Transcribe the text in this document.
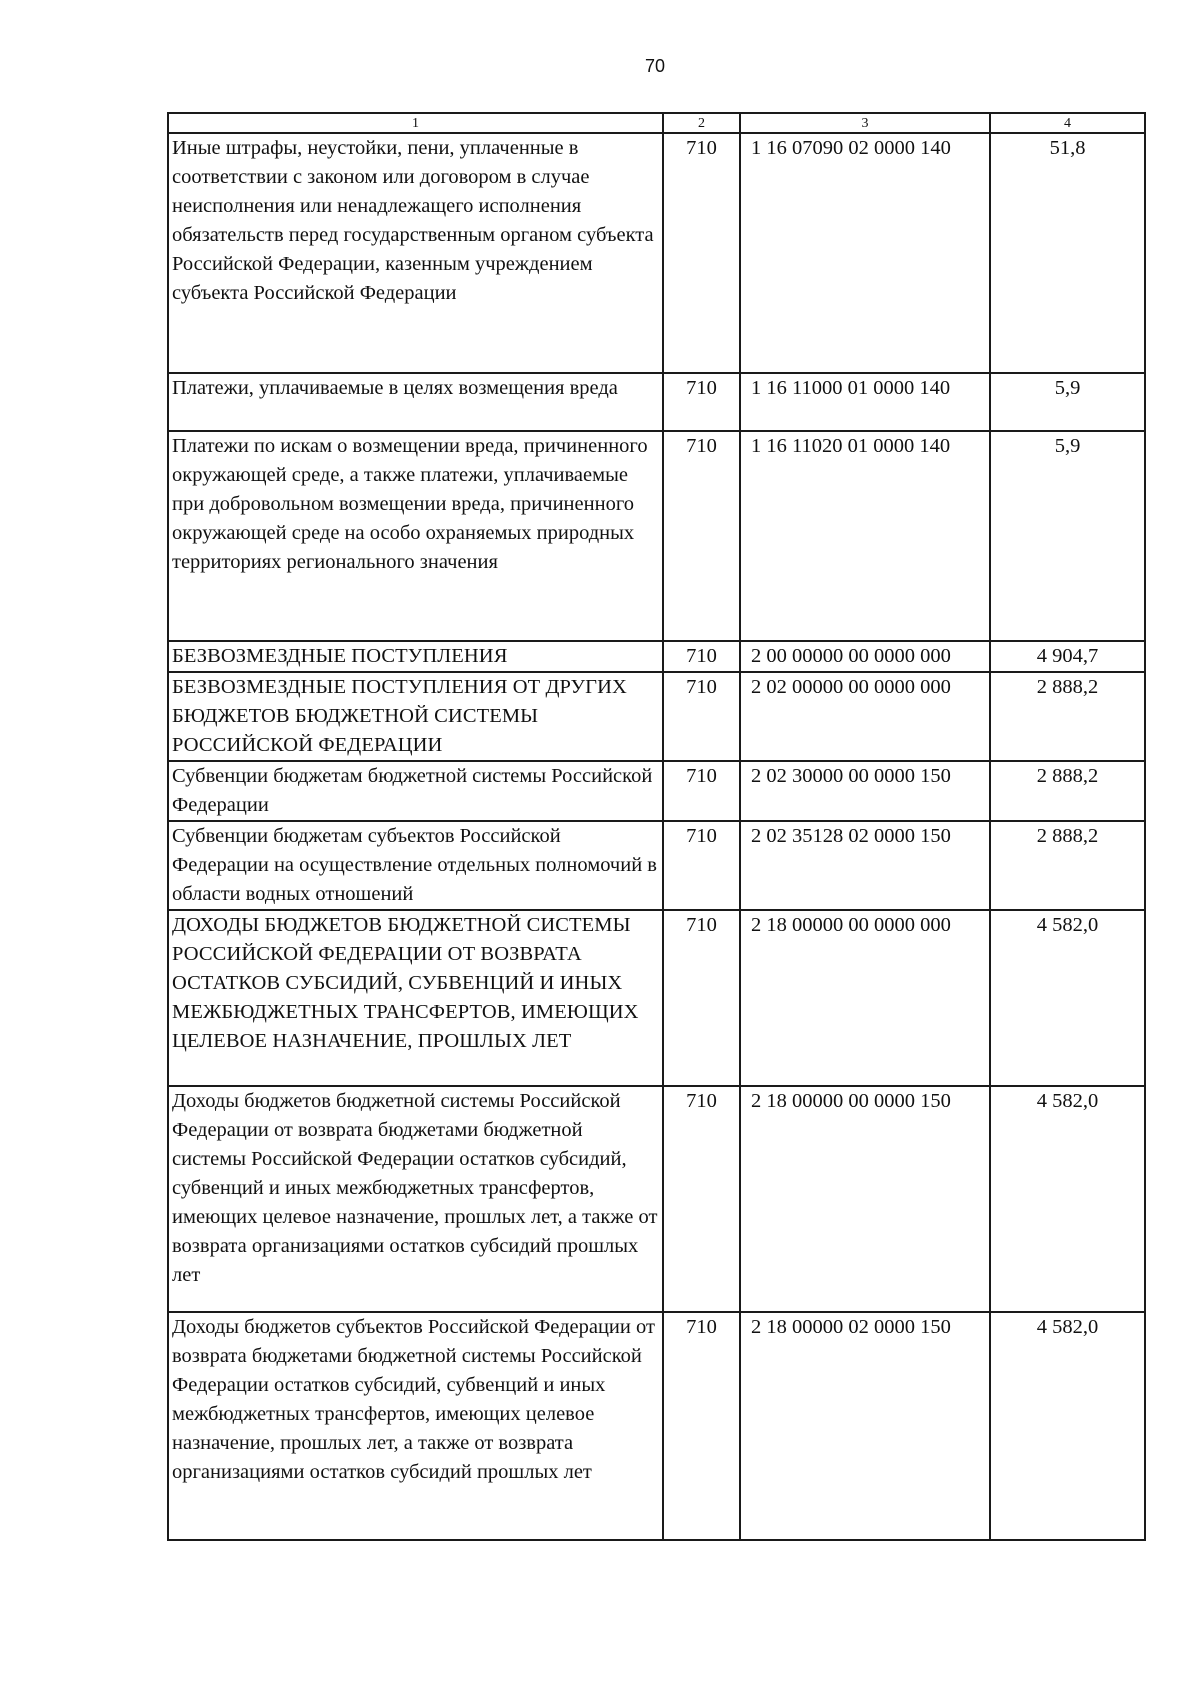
70
1	2	3	4
Иные штрафы, неустойки, пени, уплаченные в соответствии с законом или договором в случае неисполнения или ненадлежащего исполнения обязательств перед государственным органом субъекта Российской Федерации, казенным учреждением субъекта Российской Федерации	710	1 16 07090 02 0000 140	51,8
Платежи, уплачиваемые в целях возмещения вреда	710	1 16 11000 01 0000 140	5,9
Платежи по искам о возмещении вреда, причиненного окружающей среде, а также платежи, уплачиваемые при добровольном возмещении вреда, причиненного окружающей среде на особо охраняемых природных территориях регионального значения	710	1 16 11020 01 0000 140	5,9
БЕЗВОЗМЕЗДНЫЕ ПОСТУПЛЕНИЯ	710	2 00 00000 00 0000 000	4 904,7
БЕЗВОЗМЕЗДНЫЕ ПОСТУПЛЕНИЯ ОТ ДРУГИХ БЮДЖЕТОВ БЮДЖЕТНОЙ СИСТЕМЫ РОССИЙСКОЙ ФЕДЕРАЦИИ	710	2 02 00000 00 0000 000	2 888,2
Субвенции бюджетам бюджетной системы Российской Федерации	710	2 02 30000 00 0000 150	2 888,2
Субвенции бюджетам субъектов Российской Федерации на осуществление отдельных полномочий в области водных отношений	710	2 02 35128 02 0000 150	2 888,2
ДОХОДЫ БЮДЖЕТОВ БЮДЖЕТНОЙ СИСТЕМЫ РОССИЙСКОЙ ФЕДЕРАЦИИ ОТ ВОЗВРАТА ОСТАТКОВ СУБСИДИЙ, СУБВЕНЦИЙ И ИНЫХ МЕЖБЮДЖЕТНЫХ ТРАНСФЕРТОВ, ИМЕЮЩИХ ЦЕЛЕВОЕ НАЗНАЧЕНИЕ, ПРОШЛЫХ ЛЕТ	710	2 18 00000 00 0000 000	4 582,0
Доходы бюджетов бюджетной системы Российской Федерации от возврата бюджетами бюджетной системы Российской Федерации остатков субсидий, субвенций и иных межбюджетных трансфертов, имеющих целевое назначение, прошлых лет, а также от возврата организациями остатков субсидий прошлых лет	710	2 18 00000 00 0000 150	4 582,0
Доходы бюджетов субъектов Российской Федерации от возврата бюджетами бюджетной системы Российской Федерации остатков субсидий, субвенций и иных межбюджетных трансфертов, имеющих целевое назначение, прошлых лет, а также от возврата организациями остатков субсидий прошлых лет	710	2 18 00000 02 0000 150	4 582,0
